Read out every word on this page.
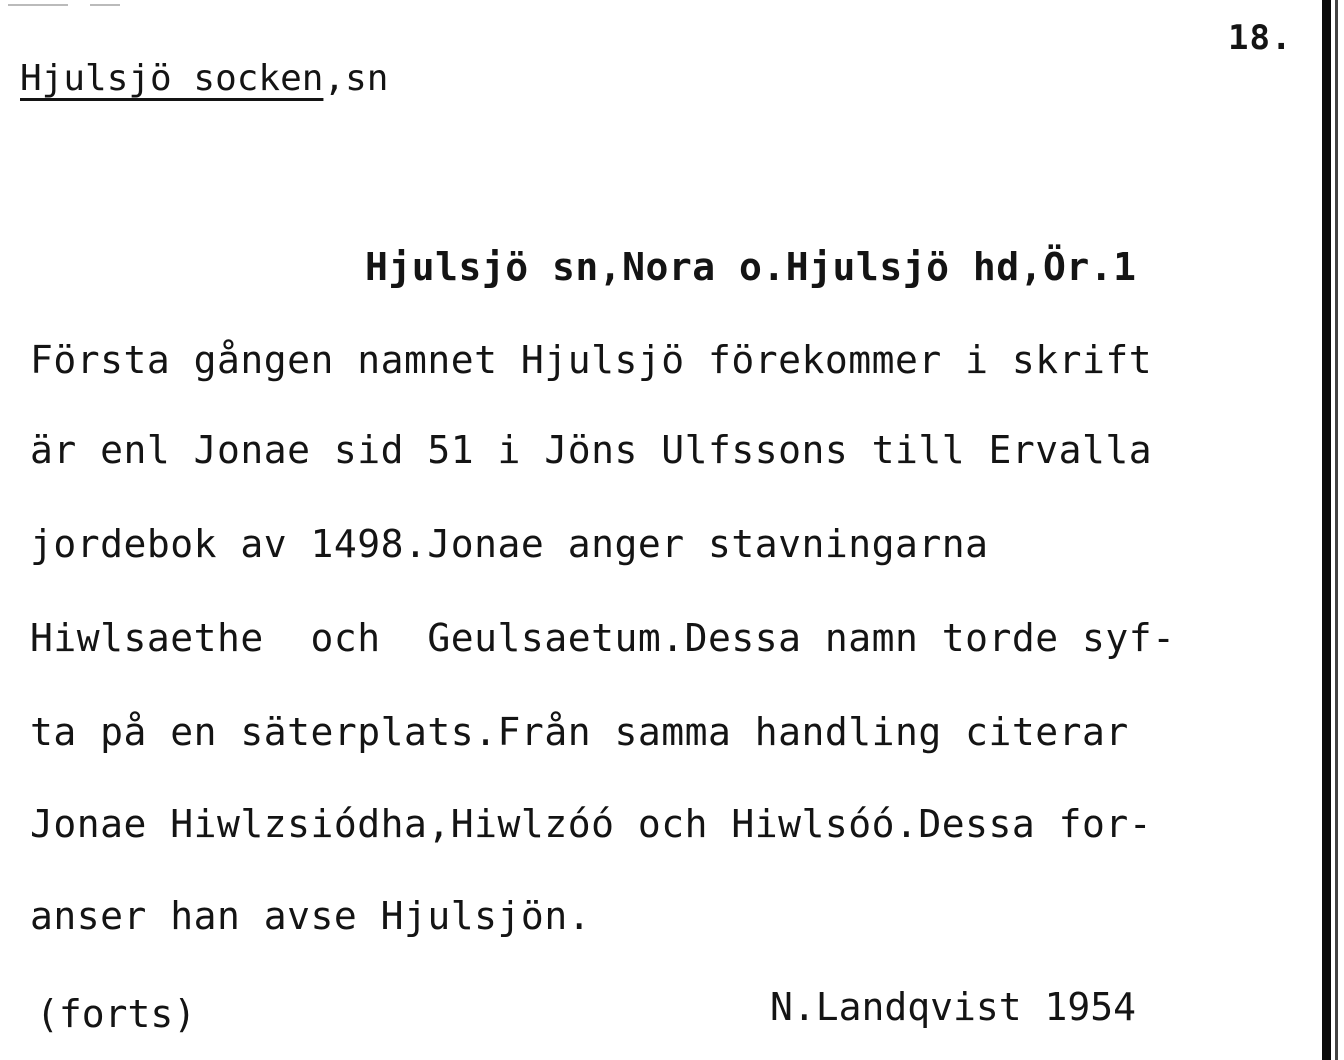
18.
Hjulsjö socken,sn
Hjulsjö sn,Nora o.Hjulsjö hd,Ör.1
Första gången namnet Hjulsjö förekommer i skrift
är enl Jonae sid 51 i Jöns Ulfssons till Ervalla
jordebok av 1498.Jonae anger stavningarna
Hiwlsaethe  och  Geulsaetum.Dessa namn torde syf-
ta på en säterplats.Från samma handling citerar
Jonae Hiwlzsiódha,Hiwlzóó och Hiwlsóó.Dessa for-
anser han avse Hjulsjön.
(forts)	N.Landqvist 1954
